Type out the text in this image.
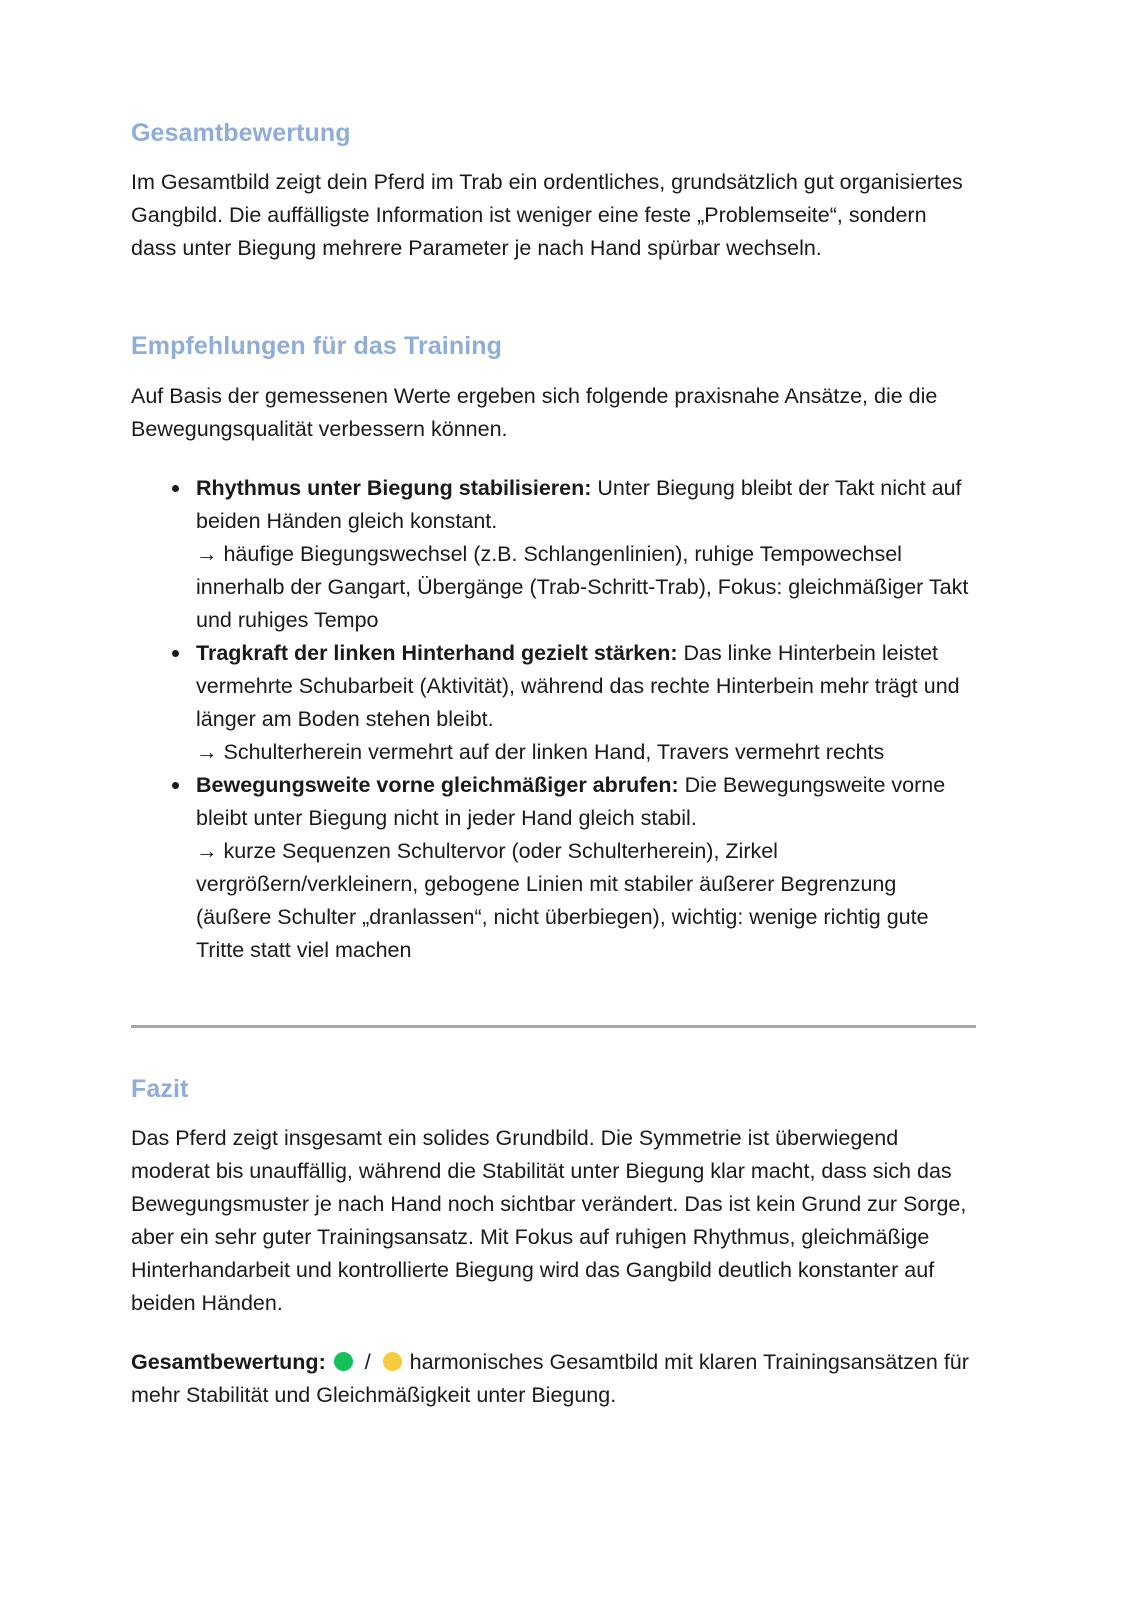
Gesamtbewertung

Im Gesamtbild zeigt dein Pferd im Trab ein ordentliches, grundsätzlich gut organisiertes Gangbild. Die auffälligste Information ist weniger eine feste „Problemseite“, sondern dass unter Biegung mehrere Parameter je nach Hand spürbar wechseln.

Empfehlungen für das Training

Auf Basis der gemessenen Werte ergeben sich folgende praxisnahe Ansätze, die die Bewegungsqualität verbessern können.

Rhythmus unter Biegung stabilisieren: Unter Biegung bleibt der Takt nicht auf beiden Händen gleich konstant.
→ häufige Biegungswechsel (z.B. Schlangenlinien), ruhige Tempowechsel innerhalb der Gangart, Übergänge (Trab-Schritt-Trab), Fokus: gleichmäßiger Takt und ruhiges Tempo
Tragkraft der linken Hinterhand gezielt stärken: Das linke Hinterbein leistet vermehrte Schubarbeit (Aktivität), während das rechte Hinterbein mehr trägt und länger am Boden stehen bleibt.
→ Schulterherein vermehrt auf der linken Hand, Travers vermehrt rechts
Bewegungsweite vorne gleichmäßiger abrufen: Die Bewegungsweite vorne bleibt unter Biegung nicht in jeder Hand gleich stabil.
→ kurze Sequenzen Schultervor (oder Schulterherein), Zirkel vergrößern/verkleinern, gebogene Linien mit stabiler äußerer Begrenzung (äußere Schulter „dranlassen“, nicht überbiegen), wichtig: wenige richtig gute Tritte statt viel machen
Fazit

Das Pferd zeigt insgesamt ein solides Grundbild. Die Symmetrie ist überwiegend moderat bis unauffällig, während die Stabilität unter Biegung klar macht, dass sich das Bewegungsmuster je nach Hand noch sichtbar verändert. Das ist kein Grund zur Sorge, aber ein sehr guter Trainingsansatz. Mit Fokus auf ruhigen Rhythmus, gleichmäßige Hinterhandarbeit und kontrollierte Biegung wird das Gangbild deutlich konstanter auf beiden Händen.

Gesamtbewertung: /  harmonisches Gesamtbild mit klaren Trainingsansätzen für mehr Stabilität und Gleichmäßigkeit unter Biegung.
